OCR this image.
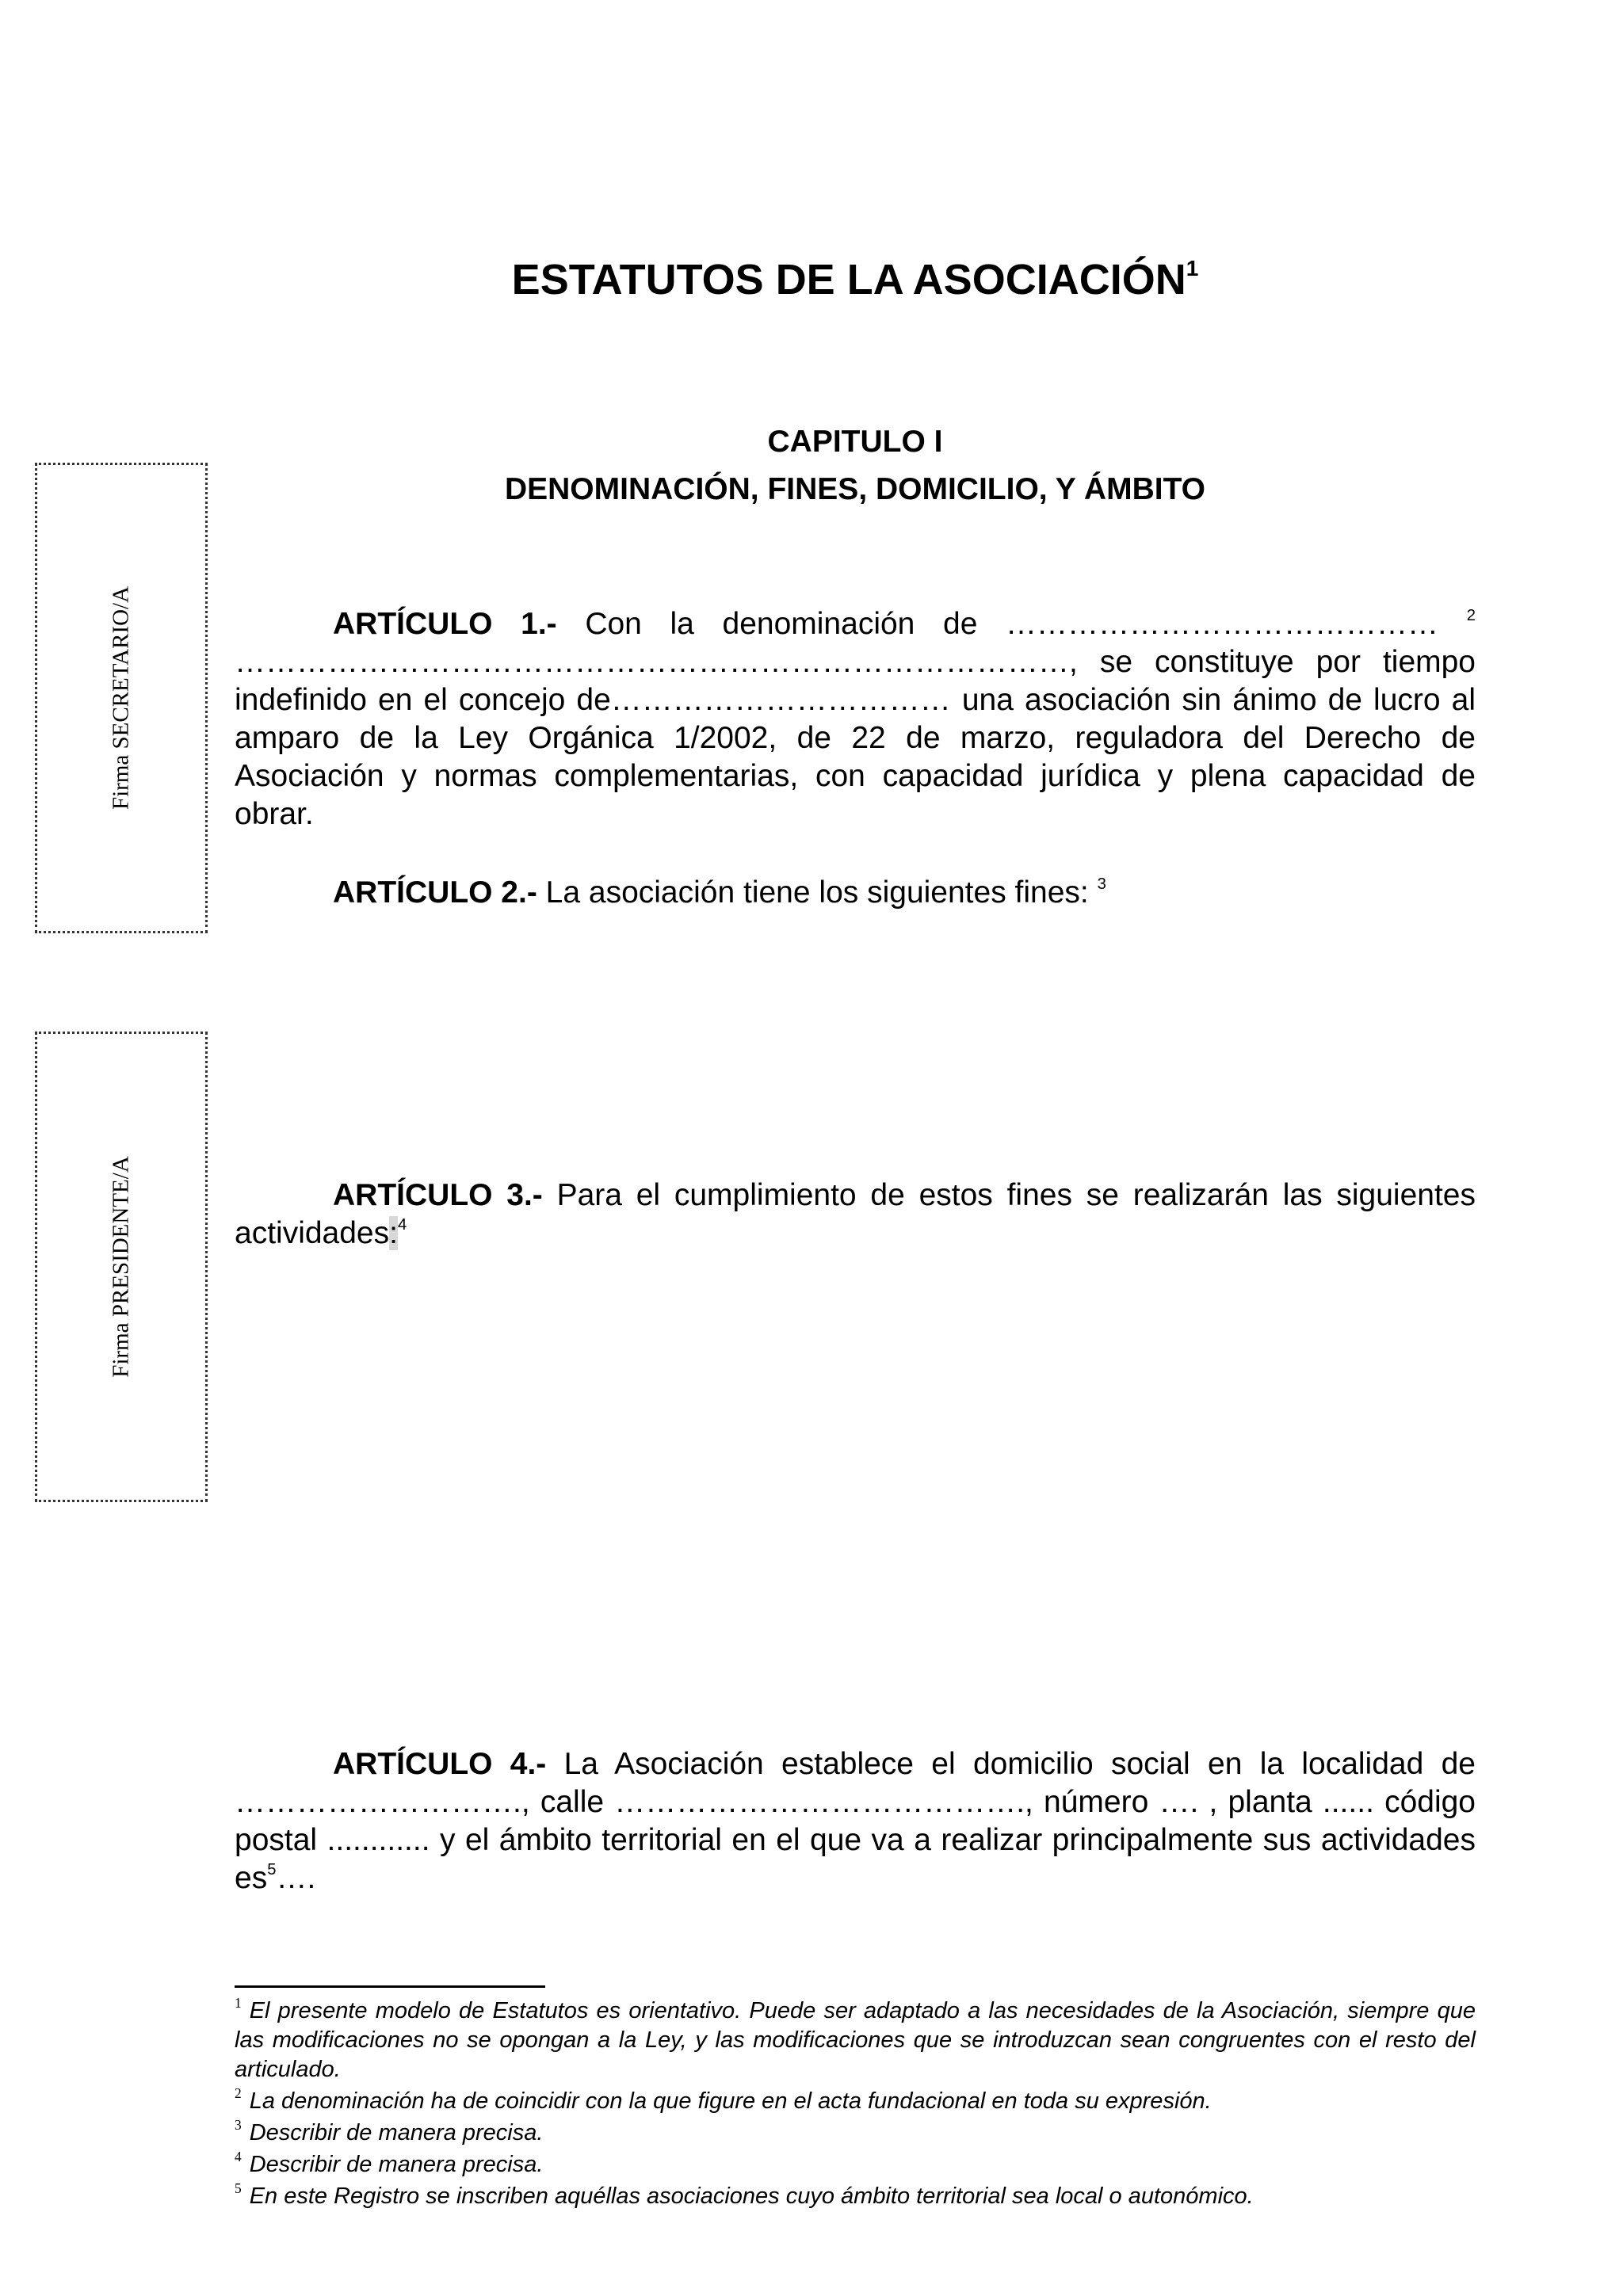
ESTATUTOS DE LA ASOCIACIÓN$^1$
CAPITULO I
DENOMINACIÓN, FINES, DOMICILIO, Y ÁMBITO
Firma SECRETARIO/A
Firma PRESIDENTE/A
ARTÍCULO 1.- Con la denominación de …………………………………… $^2$ ………………………………………………………………………, se constituye por tiempo indefinido en el concejo de…………………………… una asociación sin ánimo de lucro al amparo de la Ley Orgánica 1/2002, de 22 de marzo, reguladora del Derecho de Asociación y normas complementarias, con capacidad jurídica y plena capacidad de obrar.
ARTÍCULO 2.- La asociación tiene los siguientes fines: $^3$
ARTÍCULO 3.- Para el cumplimiento de estos fines se realizarán las siguientes actividades:$^4$
ARTÍCULO 4.- La Asociación establece el domicilio social en la localidad de ………………………., calle …………………………………., número …. , planta ...... código postal ............ y el ámbito territorial en el que va a realizar principalmente sus actividades $es^5\dots$.
$^1$ El presente modelo de Estatutos es orientativo. Puede ser adaptado a las necesidades de la Asociación, siempre que las modificaciones no se opongan a la Ley, y las modificaciones que se introduzcan sean congruentes con el resto del articulado.
$^2$ La denominación ha de coincidir con la que figure en el acta fundacional en toda su expresión.
$^3$ Describir de manera precisa.
$^4$ Describir de manera precisa.
$^5$ En este Registro se inscriben aquéllas asociaciones cuyo ámbito territorial sea local o autonómico.
